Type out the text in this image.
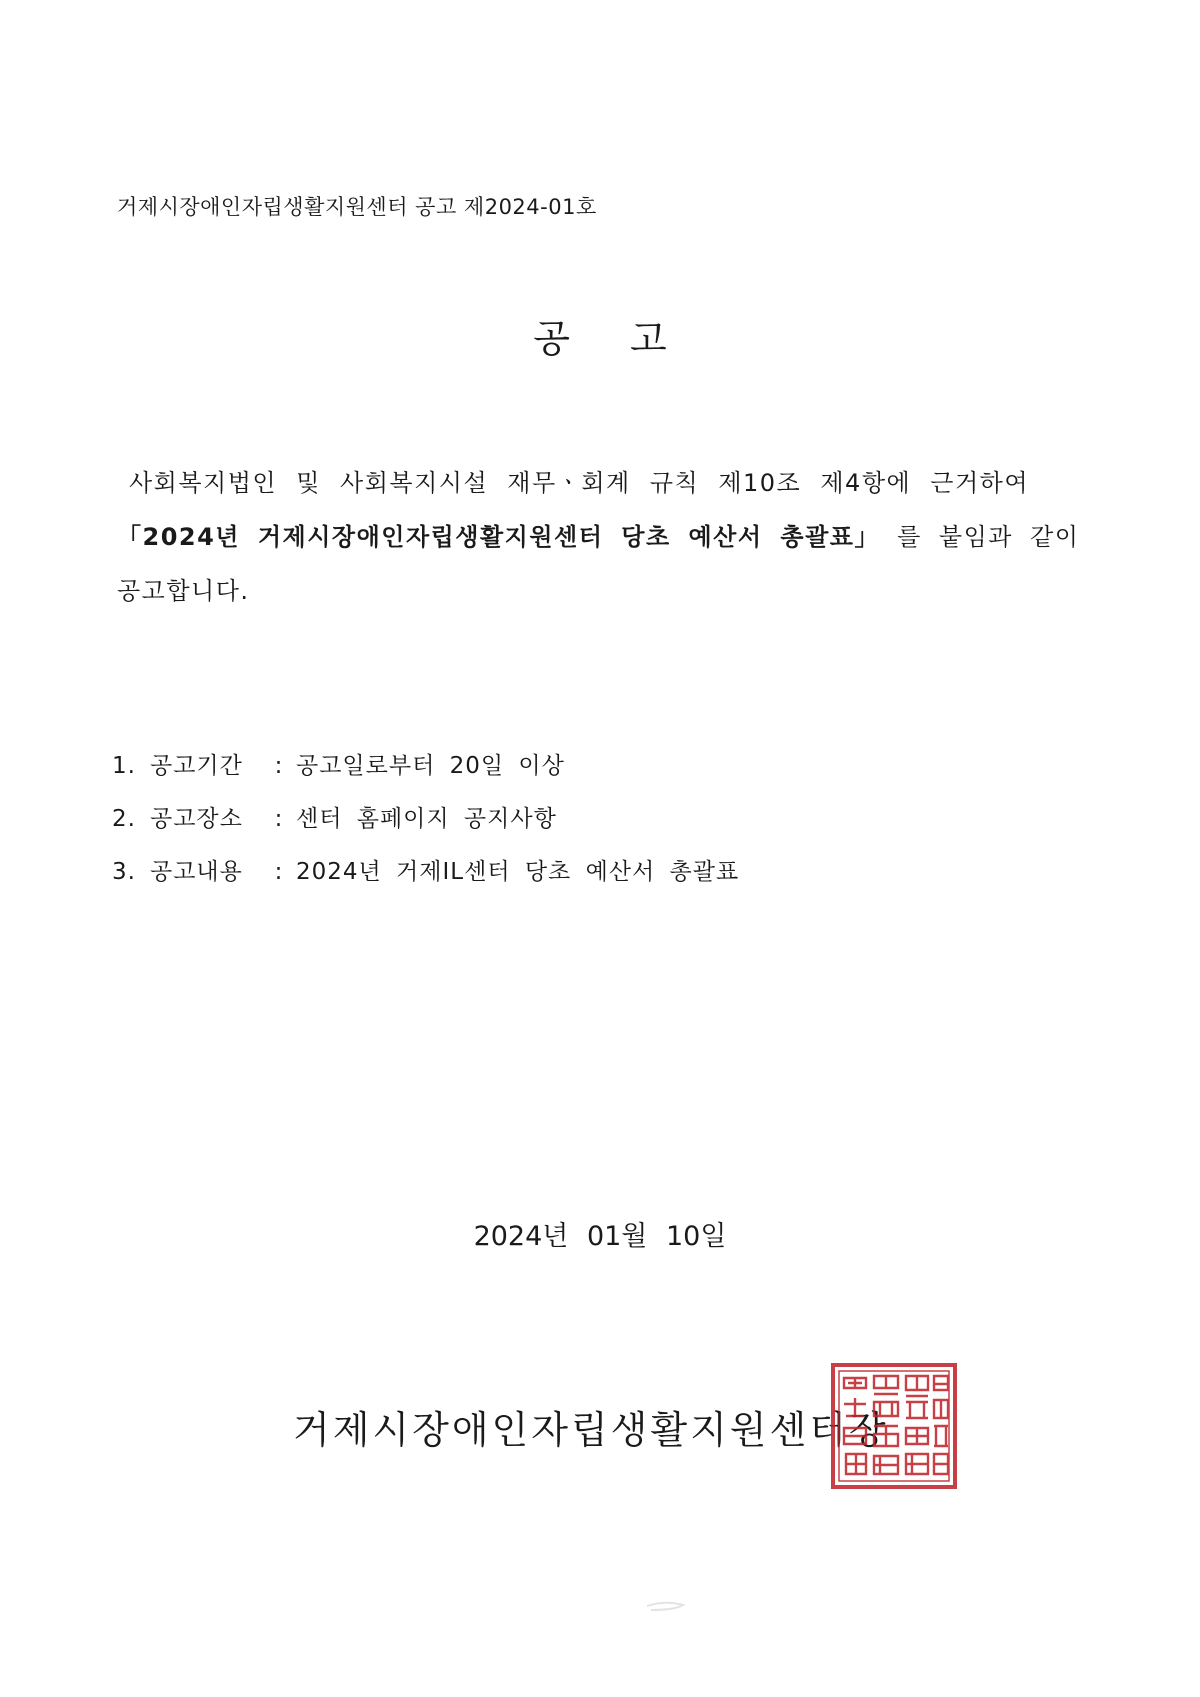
거제시장애인자립생활지원센터 공고 제2024-01호
공고

사회복지법인 및 사회복지시설 재무ㆍ회계 규칙 제10조 제4항에 근거하여
「2024년 거제시장애인자립생활지원센터 당초 예산서 총괄표」 를 붙임과 같이
공고합니다.

1. 공고기간 : 공고일로부터 20일 이상
2. 공고장소 : 센터 홈페이지 공지사항
3. 공고내용 : 2024년 거제IL센터 당초 예산서 총괄표
2024년 01월 10일
거제시장애인자립생활지원센터장
